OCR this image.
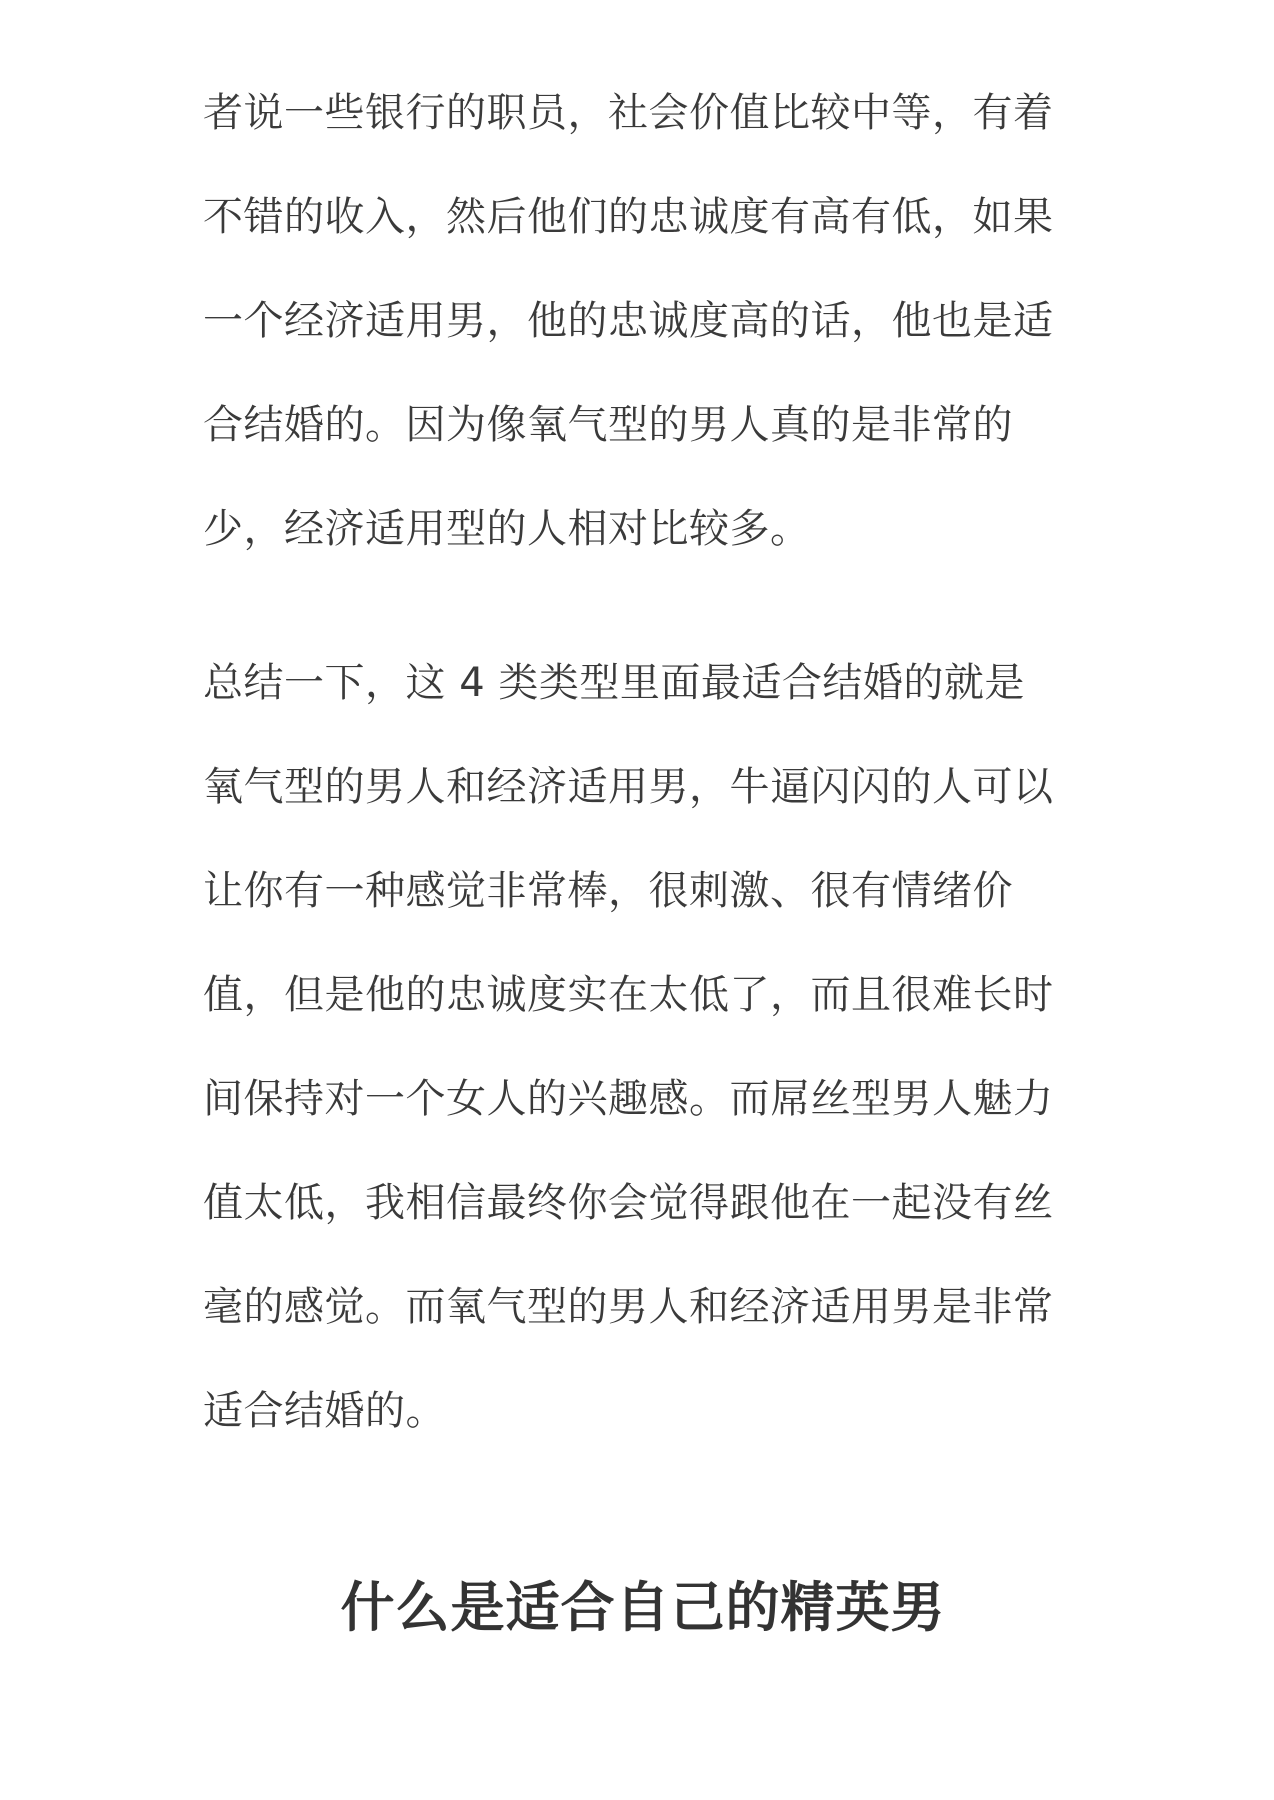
者说一些银行的职员，社会价值比较中等，有着
不错的收入，然后他们的忠诚度有高有低，如果
一个经济适用男，他的忠诚度高的话，他也是适
合结婚的。因为像氧气型的男人真的是非常的
少，经济适用型的人相对比较多。
总结一下，这 4 类类型里面最适合结婚的就是
氧气型的男人和经济适用男，牛逼闪闪的人可以
让你有一种感觉非常棒，很刺激、很有情绪价
值，但是他的忠诚度实在太低了，而且很难长时
间保持对一个女人的兴趣感。而屌丝型男人魅力
值太低，我相信最终你会觉得跟他在一起没有丝
毫的感觉。而氧气型的男人和经济适用男是非常
适合结婚的。
什么是适合自己的精英男
